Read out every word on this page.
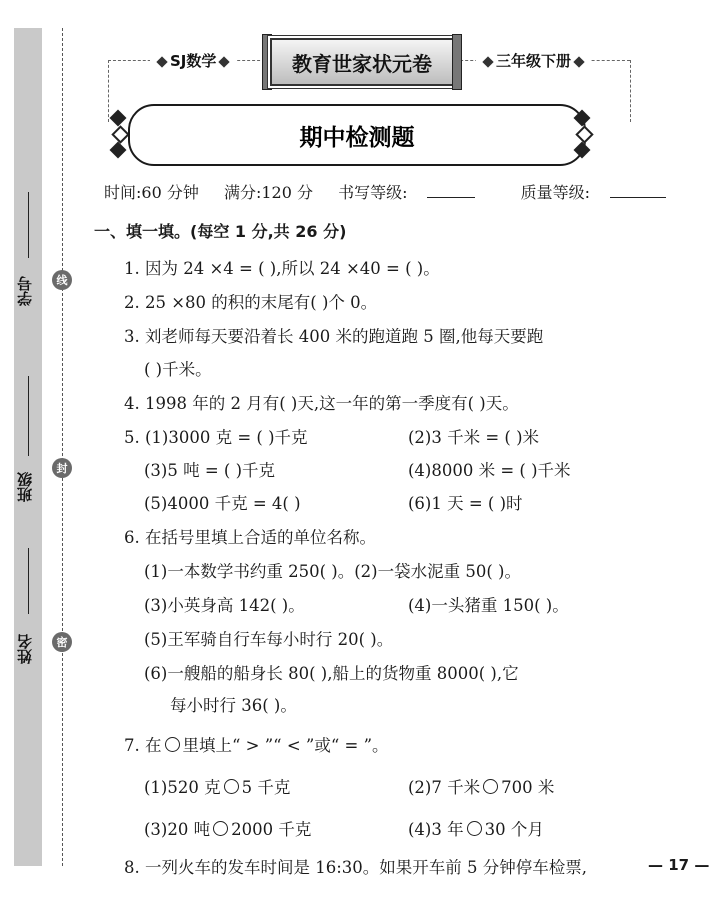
学号
班级
姓名
线
封
密
SJ数学	教育世家状元卷	三年级下册
期中检测题
时间:60 分钟 满分:120 分 书写等级:	质量等级:
一、填一填。(每空 1 分,共 26 分)
1. 因为 24 ×4 = ( ),所以 24 ×40 = ( )。
2. 25 ×80 的积的末尾有( )个 0。
3. 刘老师每天要沿着长 400 米的跑道跑 5 圈,他每天要跑
( )千米。
4. 1998 年的 2 月有( )天,这一年的第一季度有( )天。
5. (1)3000 克 = ( )千克	(2)3 千米 = ( )米
(3)5 吨 = ( )千克	(4)8000 米 = ( )千米
(5)4000 千克 = 4( )	(6)1 天 = ( )时
6. 在括号里填上合适的单位名称。
(1)一本数学书约重 250( )。(2)一袋水泥重 50( )。
(3)小英身高 142( )。	(4)一头猪重 150( )。
(5)王军骑自行车每小时行 20( )。
(6)一艘船的船身长 80( ),船上的货物重 8000( ),它
每小时行 36( )。
7. 在 里填上“ > ”“ < ”或“ = ”。
(1)520 克 5 千克	(2)7 千米 700 米
(3)20 吨 2000 千克	(4)3 年 30 个月
8. 一列火车的发车时间是 16:30。如果开车前 5 分钟停车检票,	— 17 —
